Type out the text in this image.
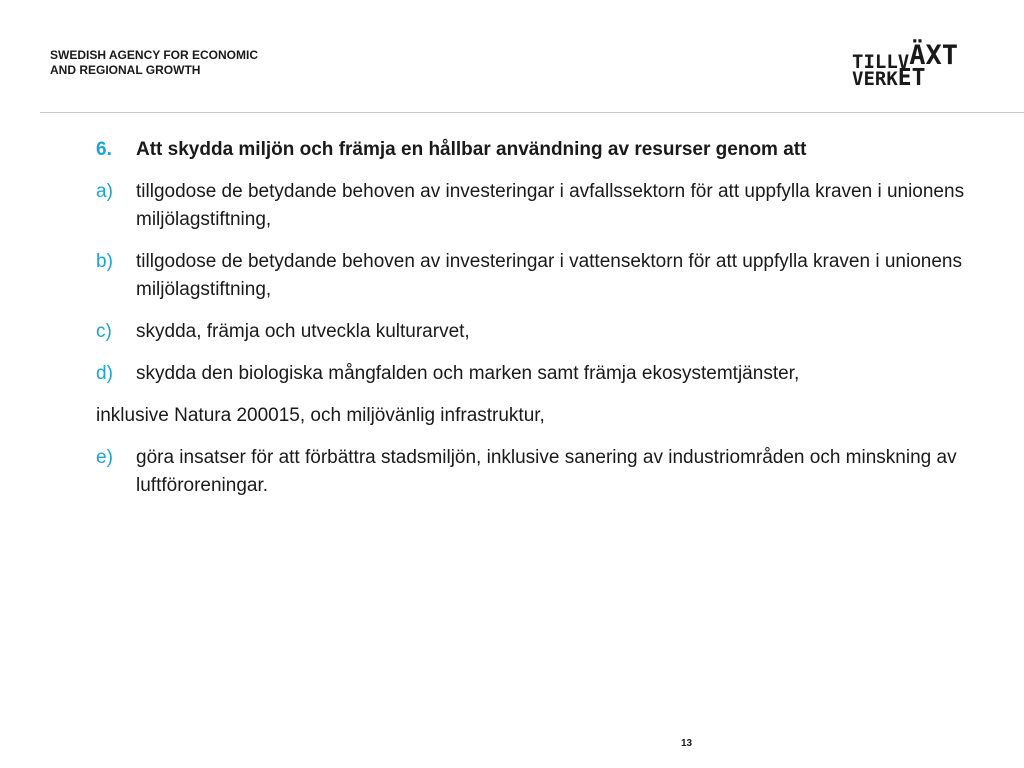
SWEDISH AGENCY FOR ECONOMIC
AND REGIONAL GROWTH	TILLVÄXT
VERKET
6. Att skydda miljön och främja en hållbar användning av resurser genom att
a) tillgodose de betydande behoven av investeringar i avfallssektorn för att uppfylla kraven i unionens miljölagstiftning,
b) tillgodose de betydande behoven av investeringar i vattensektorn för att uppfylla kraven i unionens miljölagstiftning,
c) skydda, främja och utveckla kulturarvet,
d) skydda den biologiska mångfalden och marken samt främja ekosystemtjänster,
inklusive Natura 200015, och miljövänlig infrastruktur,
e) göra insatser för att förbättra stadsmiljön, inklusive sanering av industriområden och minskning av luftföroreningar.
13
